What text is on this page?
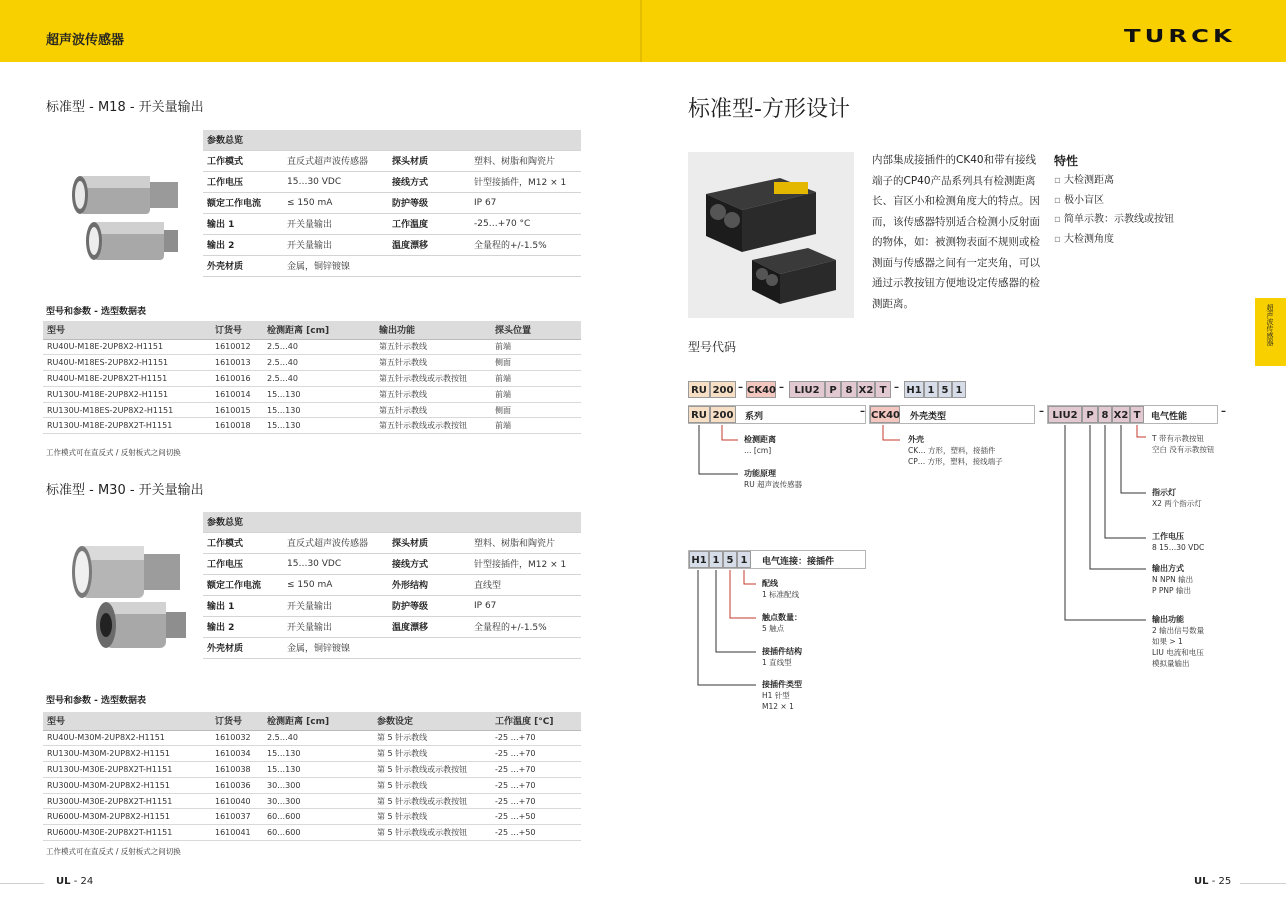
超声波传感器	TURCK
标准型 - M18 - 开关量输出
参数总览			
工作模式	直反式超声波传感器	探头材质	塑料、树脂和陶瓷片
工作电压	15…30 VDC	接线方式	针型接插件，M12 × 1
额定工作电流	≤ 150 mA	防护等级	IP 67
输出 1	开关量输出	工作温度	-25…+70 °C
输出 2	开关量输出	温度漂移	全量程的+/-1.5%
外壳材质	金属，铜锌镀镍		
型号和参数 - 选型数据表
型号	订货号	检测距离 [cm]	输出功能	探头位置
RU40U-M18E-2UP8X2-H1151	1610012	2.5…40	第五针示教线	前端
RU40U-M18ES-2UP8X2-H1151	1610013	2.5…40	第五针示教线	侧面
RU40U-M18E-2UP8X2T-H1151	1610016	2.5…40	第五针示教线或示教按钮	前端
RU130U-M18E-2UP8X2-H1151	1610014	15…130	第五针示教线	前端
RU130U-M18ES-2UP8X2-H1151	1610015	15…130	第五针示教线	侧面
RU130U-M18E-2UP8X2T-H1151	1610018	15…130	第五针示教线或示教按钮	前端
工作模式可在直反式 / 反射板式之间切换
标准型 - M30 - 开关量输出
参数总览			
工作模式	直反式超声波传感器	探头材质	塑料、树脂和陶瓷片
工作电压	15…30 VDC	接线方式	针型接插件，M12 × 1
额定工作电流	≤ 150 mA	外形结构	直线型
输出 1	开关量输出	防护等级	IP 67
输出 2	开关量输出	温度漂移	全量程的+/-1.5%
外壳材质	金属，铜锌镀镍		
型号和参数 - 选型数据表
型号	订货号	检测距离 [cm]	参数设定	工作温度 [°C]
RU40U-M30M-2UP8X2-H1151	1610032	2.5…40	第 5 针示教线	-25 …+70
RU130U-M30M-2UP8X2-H1151	1610034	15…130	第 5 针示教线	-25 …+70
RU130U-M30E-2UP8X2T-H1151	1610038	15…130	第 5 针示教线或示教按钮	-25 …+70
RU300U-M30M-2UP8X2-H1151	1610036	30…300	第 5 针示教线	-25 …+70
RU300U-M30E-2UP8X2T-H1151	1610040	30…300	第 5 针示教线或示教按钮	-25 …+70
RU600U-M30M-2UP8X2-H1151	1610037	60…600	第 5 针示教线	-25 …+50
RU600U-M30E-2UP8X2T-H1151	1610041	60…600	第 5 针示教线或示教按钮	-25 …+50
工作模式可在直反式 / 反射板式之间切换
UL - 24	UL - 25
标准型-方形设计
内部集成接插件的CK40和带有接线端子的CP40产品系列具有检测距离长、盲区小和检测角度大的特点。因而，该传感器特别适合检测小反射面的物体，如：被测物表面不规则或检测面与传感器之间有一定夹角，可以通过示教按钮方便地设定传感器的检测距离。
特性
▫ 大检测距离
▫ 极小盲区
▫ 简单示教：示教线或按钮
▫ 大检测角度
超声波传感器
型号代码
RU 200 – CK40 –	LIU2 P 8 X2 T – H1 1 5 1
RU 200 系列	– CK40 外壳类型	– LIU2 P 8 X2 T	电气性能	–
H1 1 5 1	电气连接：接插件
检测距离
… [cm]
功能原理
RU 超声波传感器
外壳
CK… 方形，塑料，接插件
CP… 方形，塑料，接线端子
T 带有示教按钮
空白 没有示教按钮
指示灯
X2 两个指示灯
工作电压
8 15…30 VDC
输出方式
N NPN 输出
P PNP 输出
输出功能
2 输出信号数量
如果 > 1
LIU 电流和电压
模拟量输出
配线
1 标准配线
触点数量：
5 触点
接插件结构
1 直线型
接插件类型
H1 针型
M12 × 1
